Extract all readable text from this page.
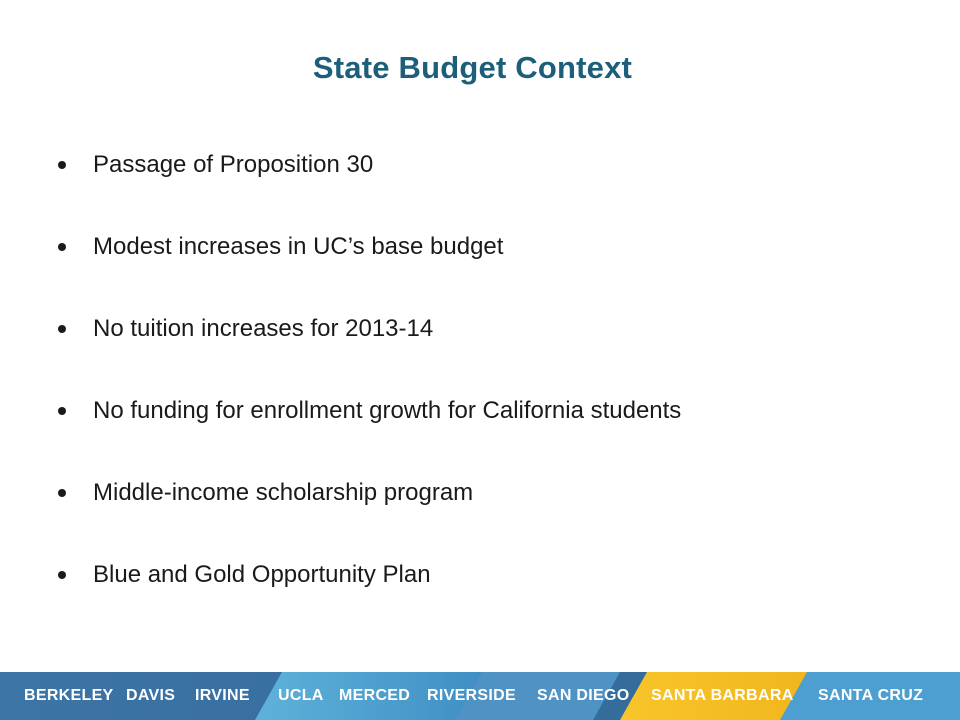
State Budget Context
Passage of Proposition 30
Modest increases in UC’s base budget
No tuition increases for 2013-14
No funding for enrollment growth for California students
Middle-income scholarship program
Blue and Gold Opportunity Plan
BERKELEY DAVIS IRVINE UCLA MERCED RIVERSIDE SAN DIEGO SANTA BARBARA SANTA CRUZ
